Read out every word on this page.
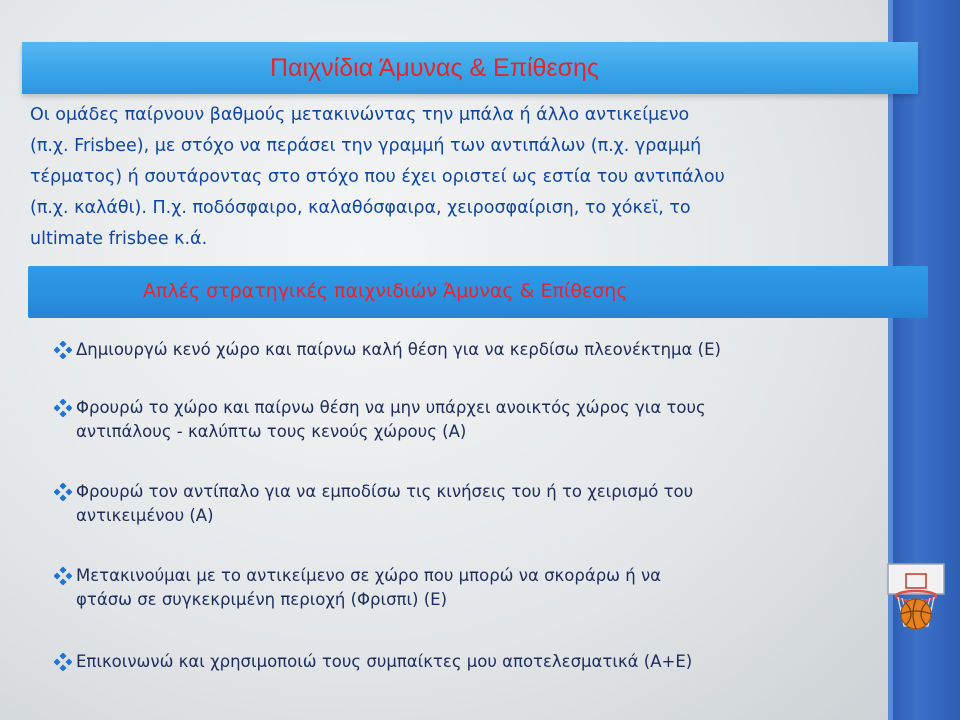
Παιχνίδια Άμυνας & Επίθεσης
Οι ομάδες παίρνουν βαθμούς μετακινώντας την μπάλα ή άλλο αντικείμενο
(π.χ. Frisbee), με στόχο να περάσει την γραμμή των αντιπάλων (π.χ. γραμμή
τέρματος) ή σουτάροντας στο στόχο που έχει οριστεί ως εστία του αντιπάλου
(π.χ. καλάθι). Π.χ. ποδόσφαιρο, καλαθόσφαιρα, χειροσφαίριση, το χόκεϊ, το
ultimate frisbee κ.ά.
Απλές στρατηγικές παιχνιδιών Άμυνας & Επίθεσης
Δημιουργώ κενό χώρο και παίρνω καλή θέση για να κερδίσω πλεονέκτημα (Ε)
Φρουρώ το χώρο και παίρνω θέση να μην υπάρχει ανοικτός χώρος για τους
αντιπάλους - καλύπτω τους κενούς χώρους (Α)
Φρουρώ τον αντίπαλο για να εμποδίσω τις κινήσεις του ή το χειρισμό του
αντικειμένου (Α)
Μετακινούμαι με το αντικείμενο σε χώρο που μπορώ να σκοράρω ή να
φτάσω σε συγκεκριμένη περιοχή (Φρισπι) (Ε)
Επικοινωνώ και χρησιμοποιώ τους συμπαίκτες μου αποτελεσματικά (Α+Ε)
